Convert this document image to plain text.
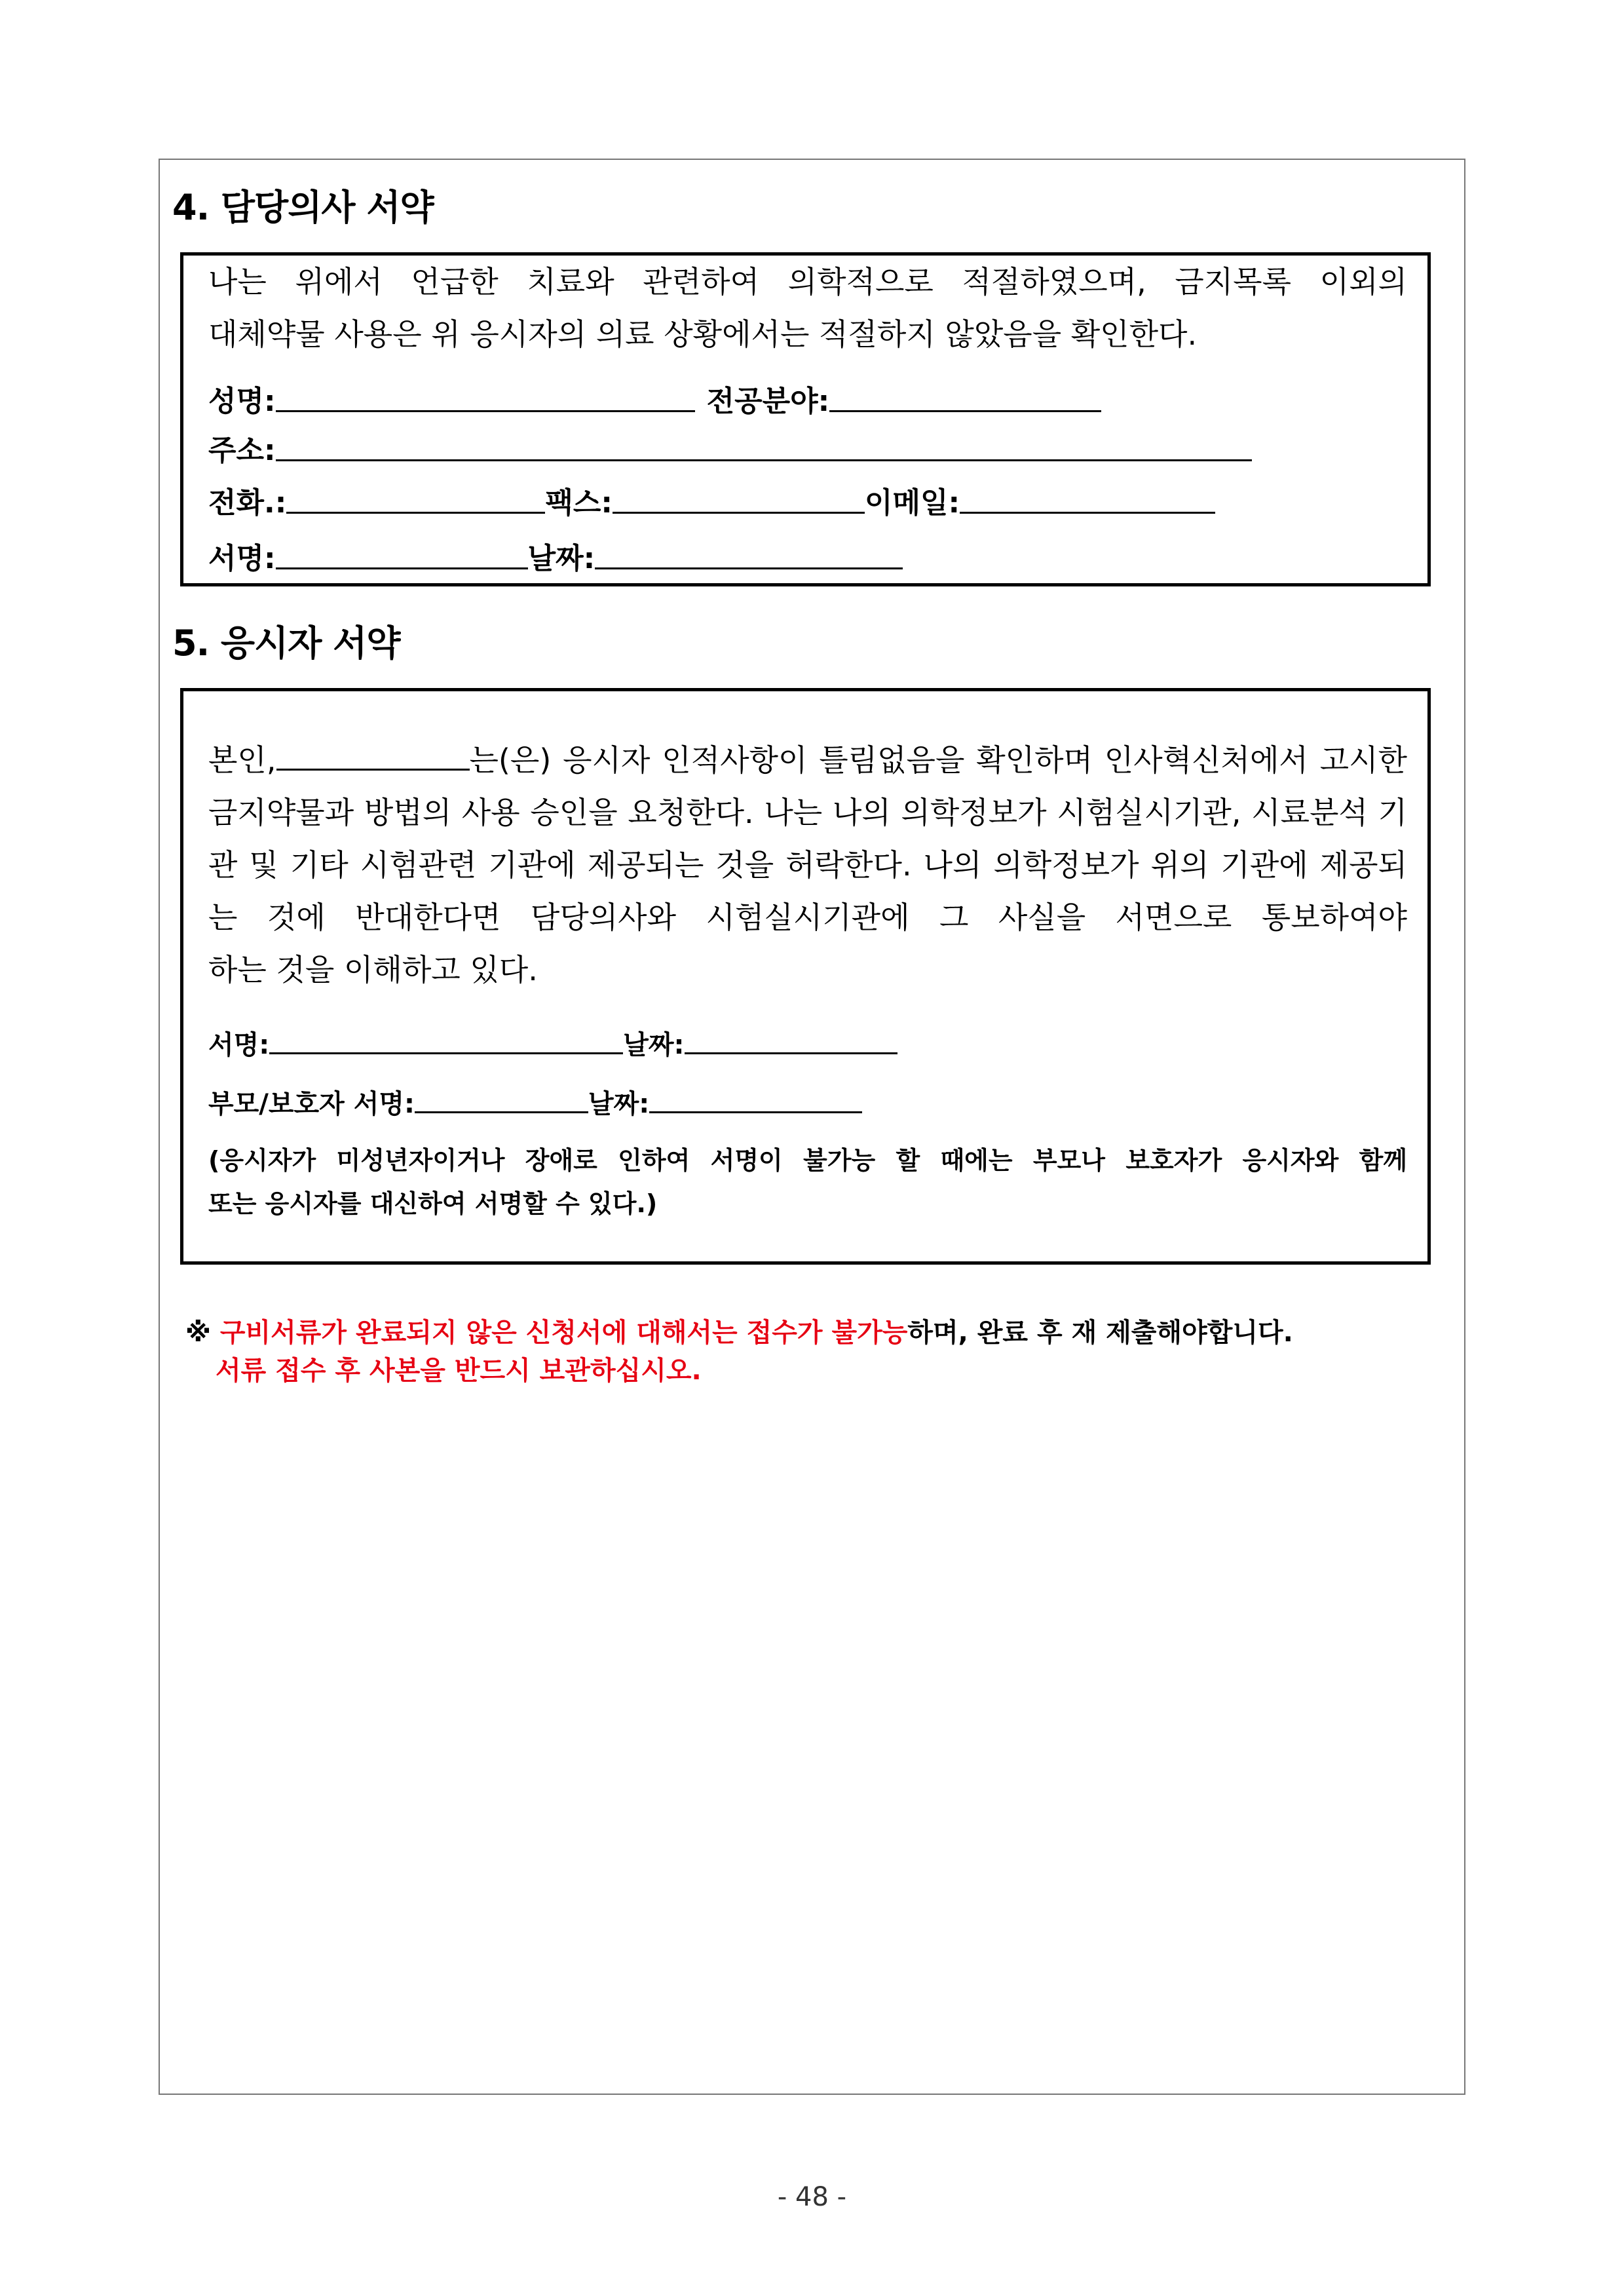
4. 담당의사 서약

나는 위에서 언급한 치료와 관련하여 의학적으로 적절하였으며, 금지목록 이외의
대체약물 사용은 위 응시자의 의료 상황에서는 적절하지 않았음을 확인한다.

성명:	전공분야:
주소:
전화.:	팩스:	이메일:
서명:	날짜:
5. 응시자 서약

본인,	는(은) 응시자 인적사항이 틀림없음을 확인하며 인사혁신처에서 고시한 금지약물과 방법의 사용 승인을 요청한다. 나는 나의 의학정보가 시험실시기관, 시료분석 기관 및 기타 시험관련 기관에 제공되는 것을 허락한다. 나의 의학정보가 위의 기관에 제공되는 것에 반대한다면 담당의사와 시험실시기관에 그 사실을 서면으로 통보하여야
하는 것을 이해하고 있다.

서명:	날짜:
부모/보호자 서명:	날짜:

(응시자가 미성년자이거나 장애로 인하여 서명이 불가능 할 때에는 부모나 보호자가 응시자와 함께
또는 응시자를 대신하여 서명할 수 있다.)

※ 구비서류가 완료되지 않은 신청서에 대해서는 접수가 불가능하며, 완료 후 재 제출해야합니다.
서류 접수 후 사본을 반드시 보관하십시오.
- 48 -
